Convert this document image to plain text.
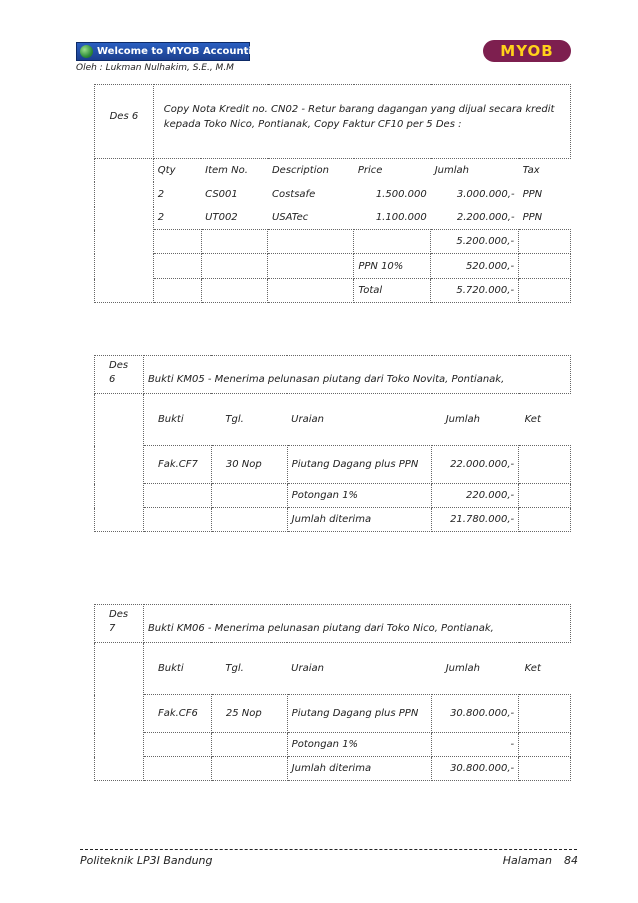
Welcome to MYOB Accounting	MYOB
Oleh : Lukman Nulhakim, S.E., M.M
Des 6	Copy Nota Kredit no. CN02 - Retur barang dagangan yang dijual secara kredit kepada Toko Nico, Pontianak, Copy Faktur CF10 per 5 Des :					
	Qty	Item No.	Description	Price	Jumlah	Tax
	2	CS001	Costsafe	1.500.000	3.000.000,-	PPN
	2	UT002	USATec	1.100.000	2.200.000,-	PPN
					5.200.000,-	
				PPN 10%	520.000,-	
				Total	5.720.000,-	
Des
6	Bukti KM05 - Menerima pelunasan piutang dari Toko Novita, Pontianak,				
	Bukti	Tgl.	Uraian	Jumlah	Ket
	Fak.CF7	30 Nop	Piutang Dagang plus PPN	22.000.000,-	
			Potongan 1%	220.000,-	
			Jumlah diterima	21.780.000,-	
Des
7	Bukti KM06 - Menerima pelunasan piutang dari Toko Nico, Pontianak,				
	Bukti	Tgl.	Uraian	Jumlah	Ket
	Fak.CF6	25 Nop	Piutang Dagang plus PPN	30.800.000,-	
			Potongan 1%	-	
			Jumlah diterima	30.800.000,-	
Politeknik LP3I Bandung	Halaman 84
